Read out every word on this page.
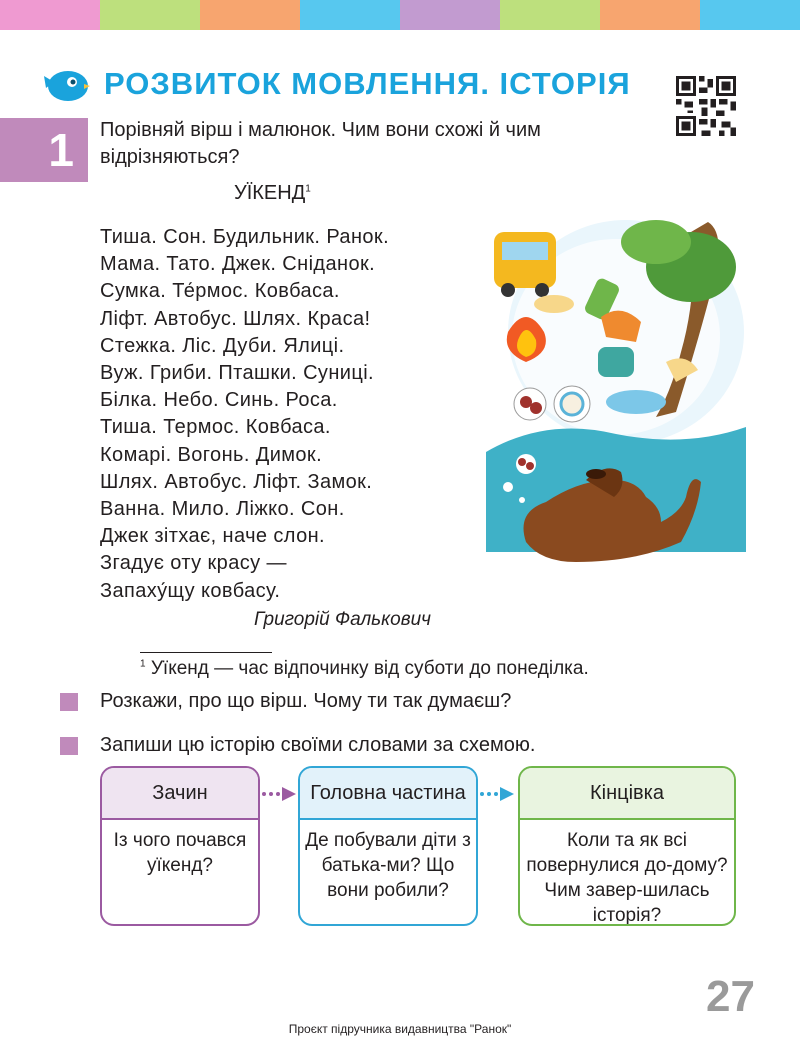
РОЗВИТОК МОВЛЕННЯ. ІСТОРІЯ
1	Порівняй вірш і малюнок. Чим вони схожі й чим відрізняються?
УЇКЕНД$^1$
Тиша. Сон. Будильник. Ранок.
Мама. Тато. Джек. Сніданок.
Сумка. Те́рмос. Ковбаса.
Ліфт. Автобус. Шлях. Краса!
Стежка. Ліс. Дуби. Ялиці.
Вуж. Гриби. Пташки. Суниці.
Білка. Небо. Синь. Роса.
Тиша. Термос. Ковбаса.
Комарі. Вогонь. Димок.
Шлях. Автобус. Ліфт. Замок.
Ванна. Мило. Ліжко. Сон.
Джек зітхає, наче слон.
Згадує оту красу —
Запаху́щу ковбасу.
Григорій Фалькович
$^1$ Уїкенд — час відпочинку від суботи до понеділка.
Розкажи, про що вірш. Чому ти так думаєш?
Запиши цю історію своїми словами за схемою.
Зачин
Із чого почався уїкенд?
Головна частина
Де побували діти з батька-ми? Що вони робили?
Кінцівка
Коли та як всі повернулися до-дому? Чим завер-шилась історія?
27
Проєкт підручника видавництва "Ранок"
